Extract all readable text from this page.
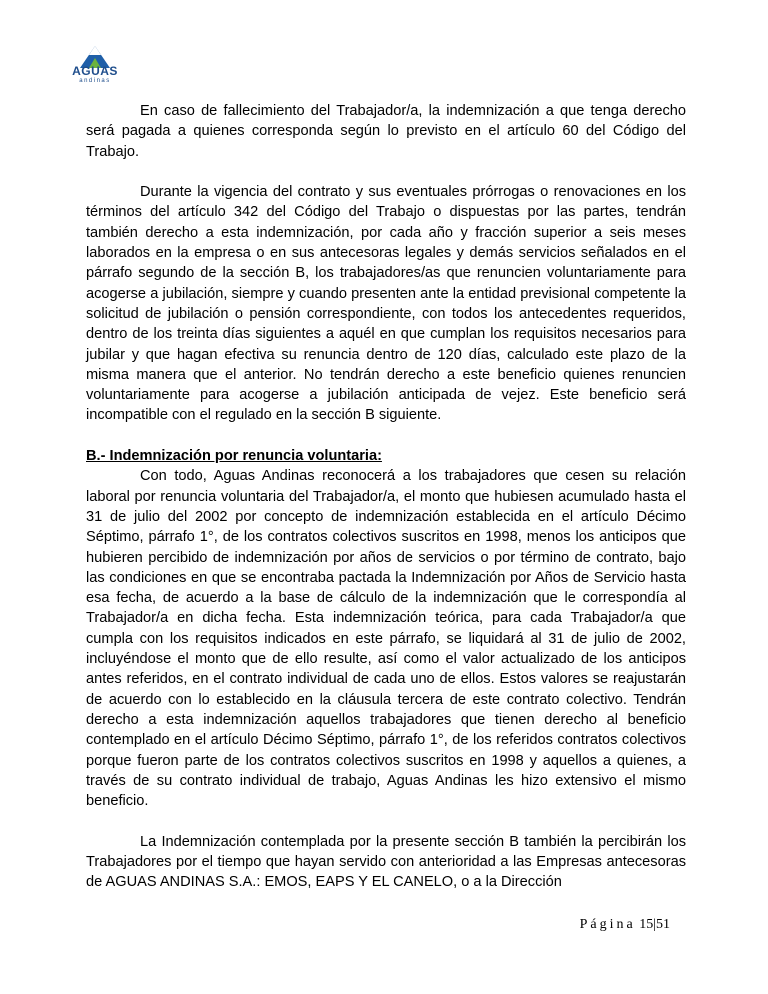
AGUAS
andinas

En caso de fallecimiento del Trabajador/a, la indemnización a que tenga derecho será pagada a quienes corresponda según lo previsto en el artículo 60 del Código del Trabajo.

Durante la vigencia del contrato y sus eventuales prórrogas o renovaciones en los términos del artículo 342 del Código del Trabajo o dispuestas por las partes, tendrán también derecho a esta indemnización, por cada año y fracción superior a seis meses laborados en la empresa o en sus antecesoras legales y demás servicios señalados en el párrafo segundo de la sección B, los trabajadores/as que renuncien voluntariamente para acogerse a jubilación, siempre y cuando presenten ante la entidad previsional competente la solicitud de jubilación o pensión correspondiente, con todos los antecedentes requeridos, dentro de los treinta días siguientes a aquél en que cumplan los requisitos necesarios para jubilar y que hagan efectiva su renuncia dentro de 120 días, calculado este plazo de la misma manera que el anterior. No tendrán derecho a este beneficio quienes renuncien voluntariamente para acogerse a jubilación anticipada de vejez. Este beneficio será incompatible con el regulado en la sección B siguiente.

B.- Indemnización por renuncia voluntaria:

Con todo, Aguas Andinas reconocerá a los trabajadores que cesen su relación laboral por renuncia voluntaria del Trabajador/a, el monto que hubiesen acumulado hasta el 31 de julio del 2002 por concepto de indemnización establecida en el artículo Décimo Séptimo, párrafo 1°, de los contratos colectivos suscritos en 1998, menos los anticipos que hubieren percibido de indemnización por años de servicios o por término de contrato, bajo las condiciones en que se encontraba pactada la Indemnización por Años de Servicio hasta esa fecha, de acuerdo a la base de cálculo de la indemnización que le correspondía al Trabajador/a en dicha fecha. Esta indemnización teórica, para cada Trabajador/a que cumpla con los requisitos indicados en este párrafo, se liquidará al 31 de julio de 2002, incluyéndose el monto que de ello resulte, así como el valor actualizado de los anticipos antes referidos, en el contrato individual de cada uno de ellos. Estos valores se reajustarán de acuerdo con lo establecido en la cláusula tercera de este contrato colectivo. Tendrán derecho a esta indemnización aquellos trabajadores que tienen derecho al beneficio contemplado en el artículo Décimo Séptimo, párrafo 1°, de los referidos contratos colectivos porque fueron parte de los contratos colectivos suscritos en 1998 y aquellos a quienes, a través de su contrato individual de trabajo, Aguas Andinas les hizo extensivo el mismo beneficio.

La Indemnización contemplada por la presente sección B también la percibirán los Trabajadores por el tiempo que hayan servido con anterioridad a las Empresas antecesoras de AGUAS ANDINAS S.A.: EMOS, EAPS Y EL CANELO, o a la Dirección

Página 15|51
